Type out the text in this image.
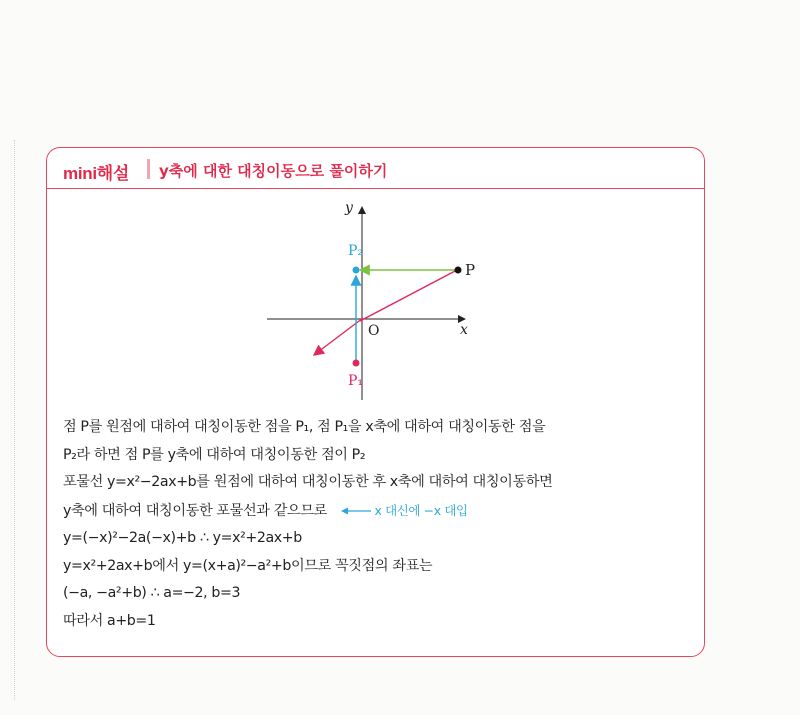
mini해설 y축에 대한 대칭이동으로 풀이하기
y
x
O
P
P₁
P₂

점 P를 원점에 대하여 대칭이동한 점을 P₁, 점 P₁을 x축에 대하여 대칭이동한 점을

P₂라 하면 점 P를 y축에 대하여 대칭이동한 점이 P₂

포물선 y=x²−2ax+b를 원점에 대하여 대칭이동한 후 x축에 대하여 대칭이동하면

y축에 대하여 대칭이동한 포물선과 같으므로	x 대신에 −x 대입

y=(−x)²−2a(−x)+b ∴ y=x²+2ax+b

y=x²+2ax+b에서 y=(x+a)²−a²+b이므로 꼭짓점의 좌표는

(−a, −a²+b) ∴ a=−2, b=3

따라서 a+b=1
